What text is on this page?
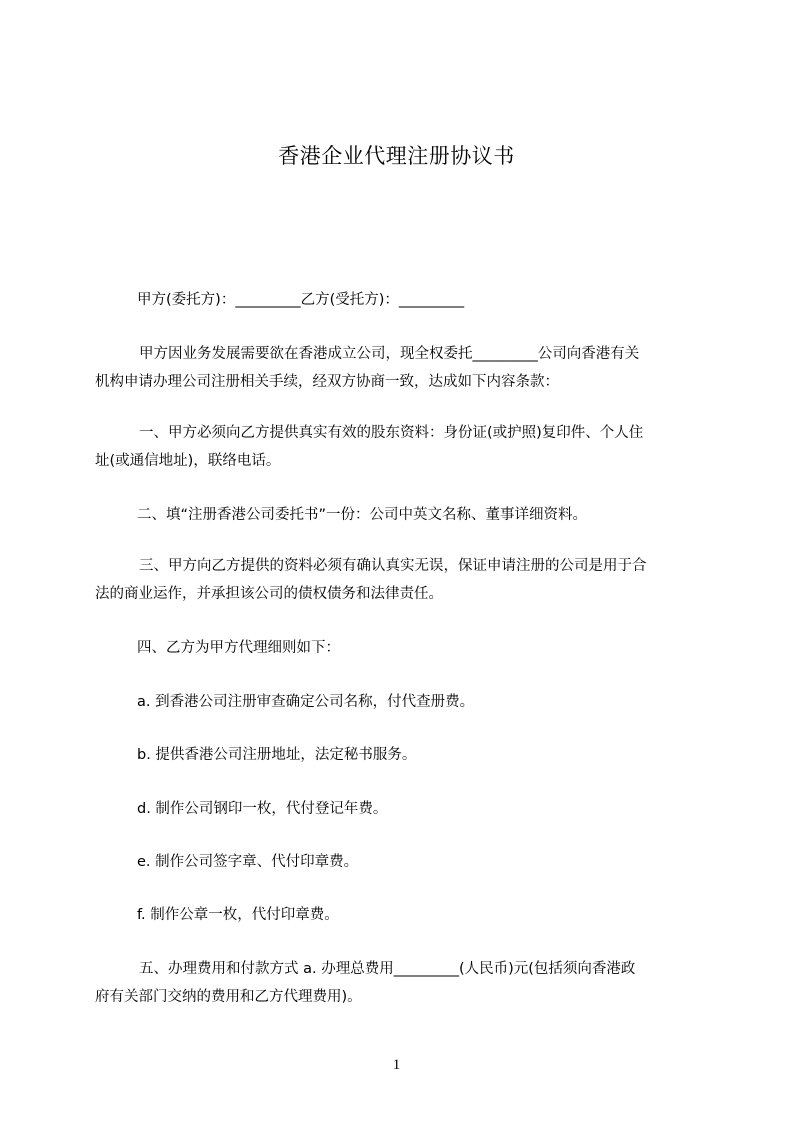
香港企业代理注册协议书
甲方(委托方)：_________乙方(受托方)：_________
甲方因业务发展需要欲在香港成立公司，现全权委托_________公司向香港有关
机构申请办理公司注册相关手续，经双方协商一致，达成如下内容条款：
一、甲方必须向乙方提供真实有效的股东资料：身份证(或护照)复印件、个人住
址(或通信地址)，联络电话。
二、填“注册香港公司委托书”一份：公司中英文名称、董事详细资料。
三、甲方向乙方提供的资料必须有确认真实无误，保证申请注册的公司是用于合
法的商业运作，并承担该公司的债权债务和法律责任。
四、乙方为甲方代理细则如下：
a. 到香港公司注册审查确定公司名称，付代查册费。
b. 提供香港公司注册地址，法定秘书服务。
d. 制作公司钢印一枚，代付登记年费。
e. 制作公司签字章、代付印章费。
f. 制作公章一枚，代付印章费。
五、办理费用和付款方式 a. 办理总费用_________(人民币)元(包括须向香港政
府有关部门交纳的费用和乙方代理费用)。
1
